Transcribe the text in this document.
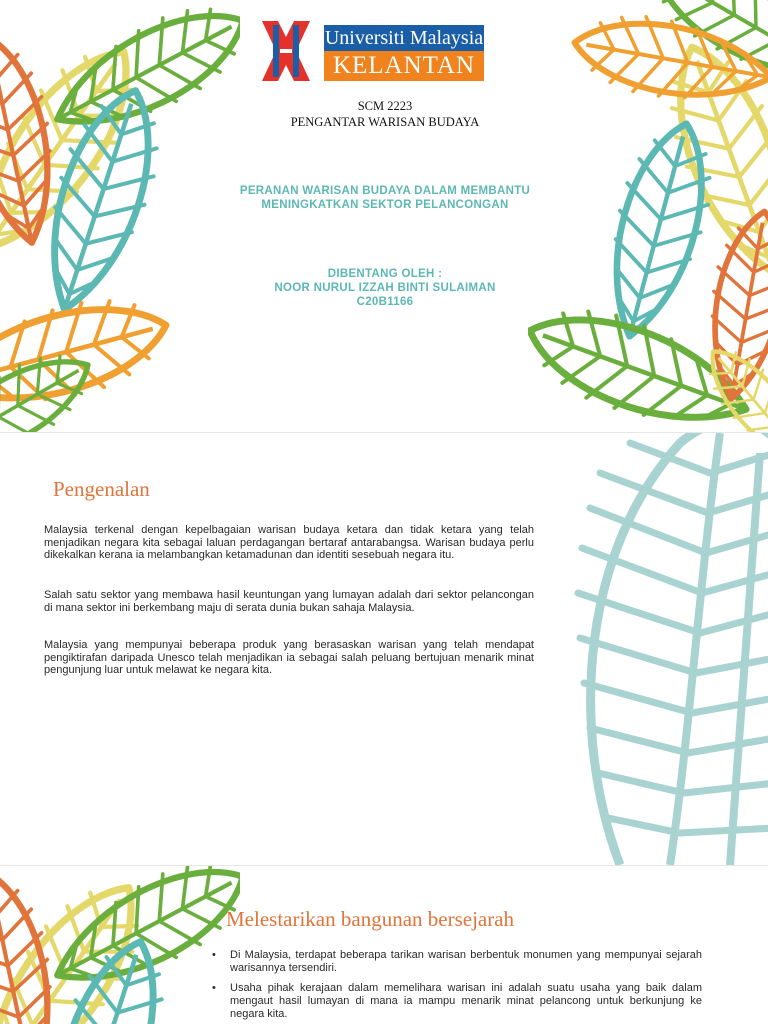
Universiti Malaysia
KELANTAN
SCM 2223
PENGANTAR WARISAN BUDAYA
PERANAN WARISAN BUDAYA DALAM MEMBANTU
MENINGKATKAN SEKTOR PELANCONGAN
DIBENTANG OLEH :
NOOR NURUL IZZAH BINTI SULAIMAN
C20B1166
Pengenalan

Malaysia terkenal dengan kepelbagaian warisan budaya ketara dan tidak ketara yang telah menjadikan negara kita sebagai laluan perdagangan bertaraf antarabangsa. Warisan budaya perlu dikekalkan kerana ia melambangkan ketamadunan dan identiti sesebuah negara itu.

Salah satu sektor yang membawa hasil keuntungan yang lumayan adalah dari sektor pelancongan di mana sektor ini berkembang maju di serata dunia bukan sahaja Malaysia.

Malaysia yang mempunyai beberapa produk yang berasaskan warisan yang telah mendapat pengiktirafan daripada Unesco telah menjadikan ia sebagai salah peluang bertujuan menarik minat pengunjung luar untuk melawat ke negara kita.

Melestarikan bangunan bersejarah
• Di Malaysia, terdapat beberapa tarikan warisan berbentuk monumen yang mempunyai sejarah warisannya tersendiri.
• Usaha pihak kerajaan dalam memelihara warisan ini adalah suatu usaha yang baik dalam mengaut hasil lumayan di mana ia mampu menarik minat pelancong untuk berkunjung ke negara kita.
